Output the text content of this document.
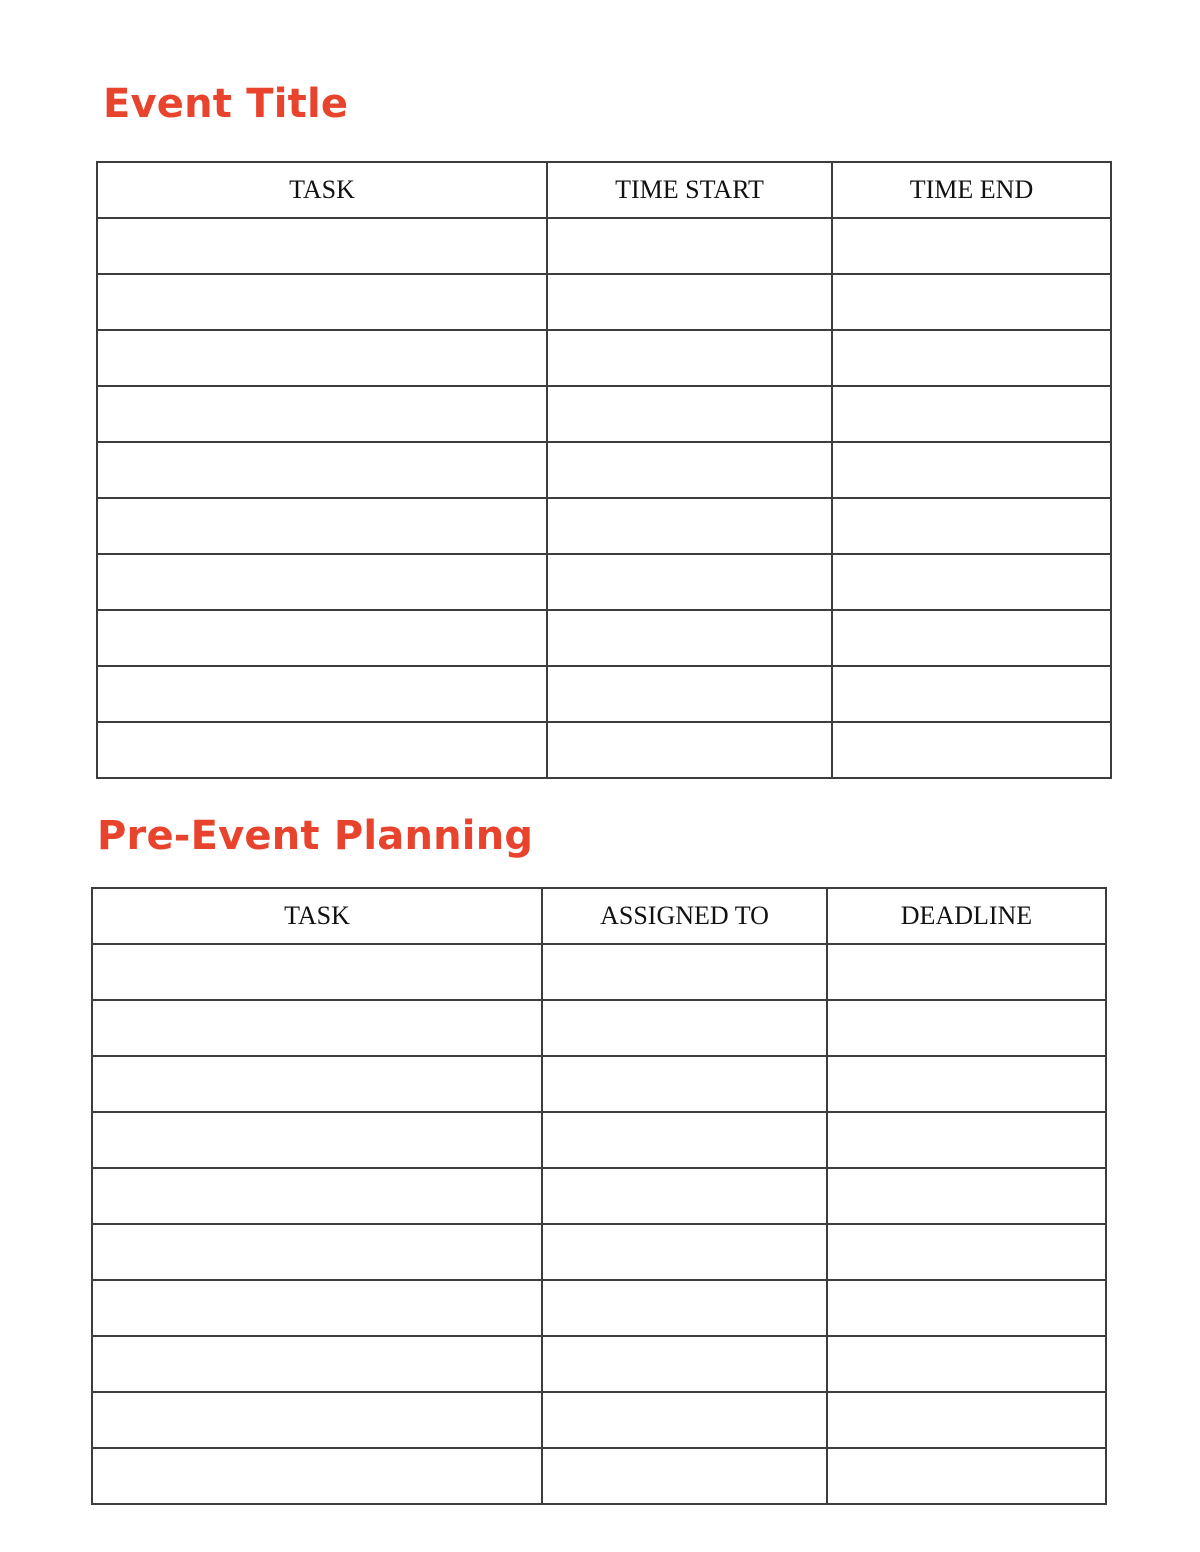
Event Title
TASK	TIME START	TIME END

Pre-Event Planning
TASK	ASSIGNED TO	DEADLINE
